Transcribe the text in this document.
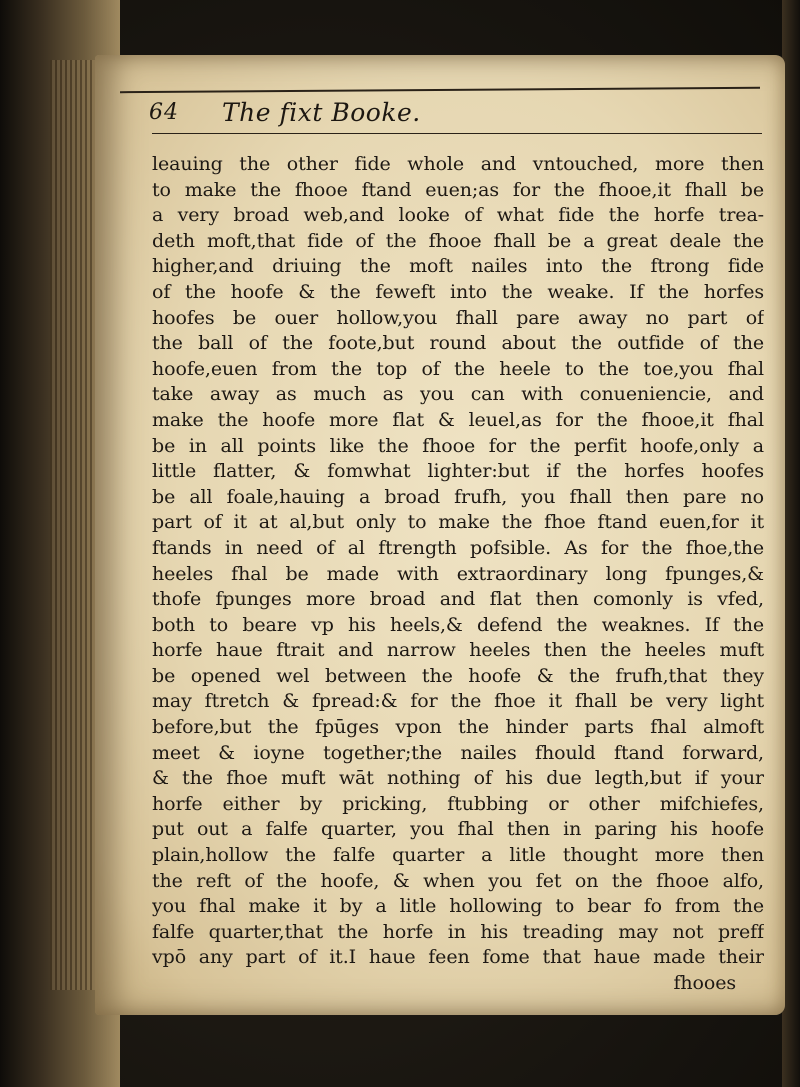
64 The fixt Booke.
leauing the other fide whole and vntouched, more then
to make the fhooe ftand euen;as for the fhooe,it fhall be
a very broad web,and looke of what fide the horfe trea-
deth moft,that fide of the fhooe fhall be a great deale the
higher,and driuing the moft nailes into the ftrong fide
of the hoofe & the feweft into the weake. If the horfes
hoofes be ouer hollow,you fhall pare away no part of
the ball of the foote,but round about the outfide of the
hoofe,euen from the top of the heele to the toe,you fhal
take away as much as you can with conueniencie, and
make the hoofe more flat & leuel,as for the fhooe,it fhal
be in all points like the fhooe for the perfit hoofe,only a
little flatter, & fomwhat lighter:but if the horfes hoofes
be all foale,hauing a broad frufh, you fhall then pare no
part of it at al,but only to make the fhoe ftand euen,for it
ftands in need of al ftrength pofsible. As for the fhoe,the
heeles fhal be made with extraordinary long fpunges,&
thofe fpunges more broad and flat then comonly is vfed,
both to beare vp his heels,& defend the weaknes. If the
horfe haue ftrait and narrow heeles then the heeles muft
be opened wel between the hoofe & the frufh,that they
may ftretch & fpread:& for the fhoe it fhall be very light
before,but the fpūges vpon the hinder parts fhal almoft
meet & ioyne together;the nailes fhould ftand forward,
& the fhoe muft wāt nothing of his due legth,but if your
horfe either by pricking, ftubbing or other mifchiefes,
put out a falfe quarter, you fhal then in paring his hoofe
plain,hollow the falfe quarter a litle thought more then
the reft of the hoofe, & when you fet on the fhooe alfo,
you fhal make it by a litle hollowing to bear fo from the
falfe quarter,that the horfe in his treading may not preff
vpō any part of it.I haue feen fome that haue made their
fhooes
